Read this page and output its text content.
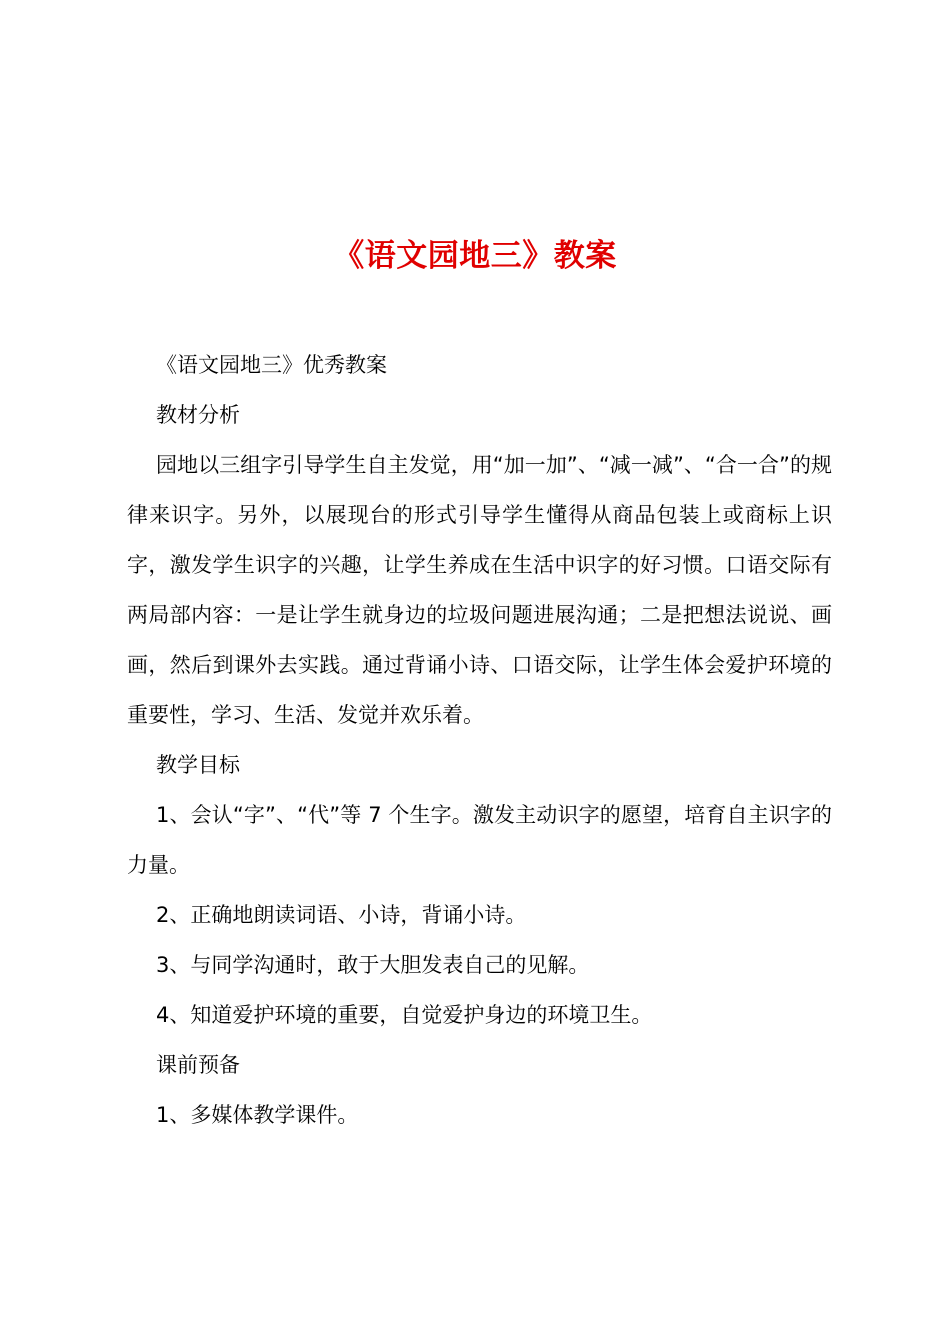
《语文园地三》教案

《语文园地三》优秀教案

教材分析

园地以三组字引导学生自主发觉，用“加一加”、“减一减”、“合一合”的规律来识字。另外，以展现台的形式引导学生懂得从商品包装上或商标上识字，激发学生识字的兴趣，让学生养成在生活中识字的好习惯。口语交际有两局部内容：一是让学生就身边的垃圾问题进展沟通；二是把想法说说、画画，然后到课外去实践。通过背诵小诗、口语交际，让学生体会爱护环境的重要性，学习、生活、发觉并欢乐着。

教学目标

1、会认“字”、“代”等 7 个生字。激发主动识字的愿望，培育自主识字的力量。

2、正确地朗读词语、小诗，背诵小诗。

3、与同学沟通时，敢于大胆发表自己的见解。

4、知道爱护环境的重要，自觉爱护身边的环境卫生。

课前预备

1、多媒体教学课件。
